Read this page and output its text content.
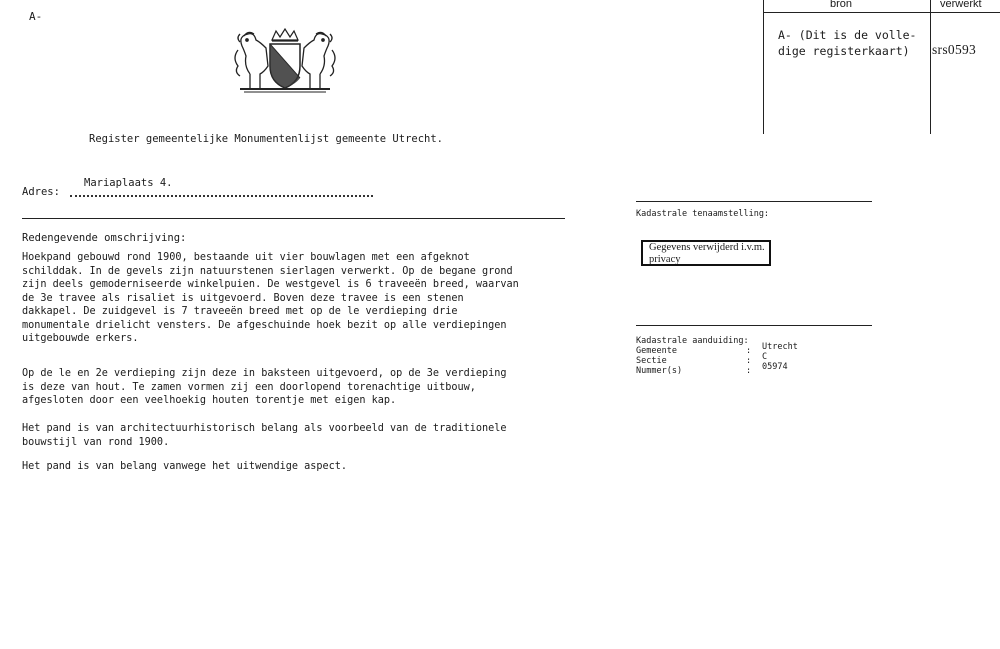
A-
bron	verwerkt
A- (Dit is de volle-
dige registerkaart)	srs0593
Register gemeentelijke Monumentenlijst gemeente Utrecht.
Mariaplaats 4.
Adres:
Redengevende omschrijving:

Hoekpand gebouwd rond 1900, bestaande uit vier bouwlagen met een afgeknot

schilddak. In de gevels zijn natuurstenen sierlagen verwerkt. Op de begane grond

zijn deels gemoderniseerde winkelpuien. De westgevel is 6 traveeën breed, waarvan

de 3e travee als risaliet is uitgevoerd. Boven deze travee is een stenen

dakkapel. De zuidgevel is 7 traveeën breed met op de le verdieping drie

monumentale drielicht vensters. De afgeschuinde hoek bezit op alle verdiepingen

uitgebouwde erkers.

Op de le en 2e verdieping zijn deze in baksteen uitgevoerd, op de 3e verdieping

is deze van hout. Te zamen vormen zij een doorlopend torenachtige uitbouw,

afgesloten door een veelhoekig houten torentje met eigen kap.

Het pand is van architectuurhistorisch belang als voorbeeld van de traditionele

bouwstijl van rond 1900.

Het pand is van belang vanwege het uitwendige aspect.

Kadastrale tenaamstelling:
Gegevens verwijderd i.v.m.
privacy
Kadastrale aanduiding:
Gemeente	: Utrecht
Sectie	: C
Nummer(s)	: 05974
